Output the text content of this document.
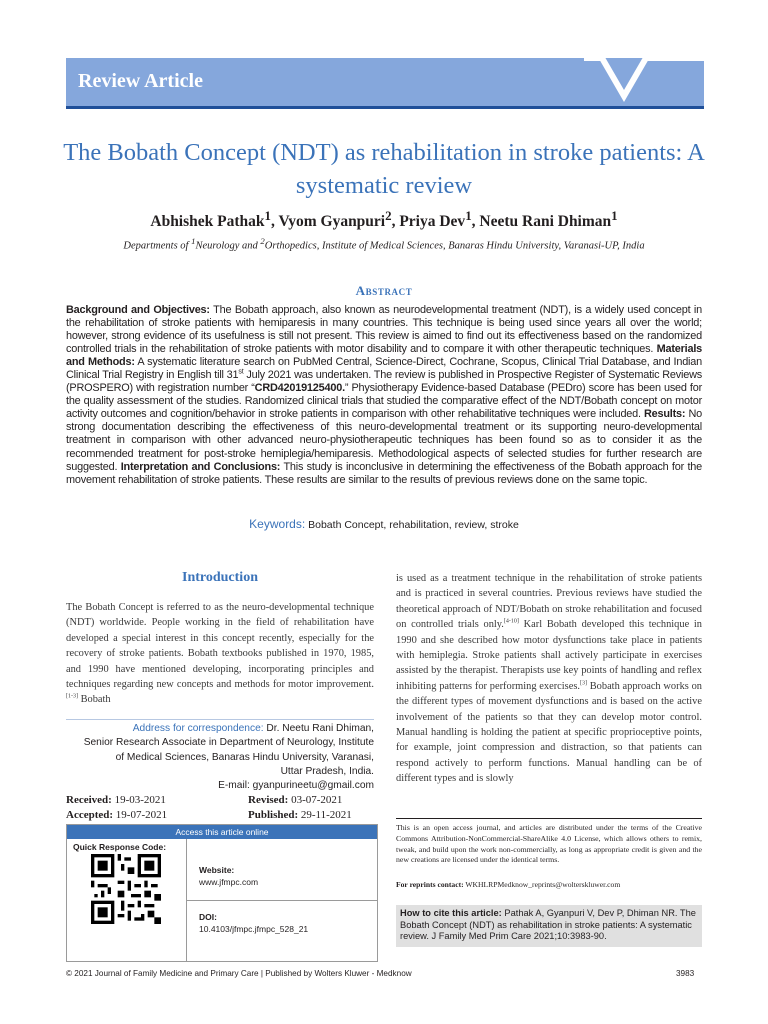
Review Article
The Bobath Concept (NDT) as rehabilitation in stroke patients: A systematic review
Abhishek Pathak$^1$, Vyom Gyanpuri$^2$, Priya Dev$^1$, Neetu Rani Dhiman$^1$
Departments of $^1$Neurology and $^2$Orthopedics, Institute of Medical Sciences, Banaras Hindu University, Varanasi-UP, India
Abstract
Background and Objectives: The Bobath approach, also known as neurodevelopmental treatment (NDT), is a widely used concept in the rehabilitation of stroke patients with hemiparesis in many countries. This technique is being used since years all over the world; however, strong evidence of its usefulness is still not present. This review is aimed to find out its effectiveness based on the randomized controlled trials in the rehabilitation of stroke patients with motor disability and to compare it with other therapeutic techniques. Materials and Methods: A systematic literature search on PubMed Central, Science-Direct, Cochrane, Scopus, Clinical Trial Database, and Indian Clinical Trial Registry in English till 31st July 2021 was undertaken. The review is published in Prospective Register of Systematic Reviews (PROSPERO) with registration number “CRD42019125400.” Physiotherapy Evidence-based Database (PEDro) score has been used for the quality assessment of the studies. Randomized clinical trials that studied the comparative effect of the NDT/Bobath concept on motor activity outcomes and cognition/behavior in stroke patients in comparison with other rehabilitative techniques were included. Results: No strong documentation describing the effectiveness of this neuro-developmental treatment or its supporting neuro-developmental treatment in comparison with other advanced neuro-physiotherapeutic techniques has been found so as to consider it as the recommended treatment for post-stroke hemiplegia/hemiparesis. Methodological aspects of selected studies for further research are suggested. Interpretation and Conclusions: This study is inconclusive in determining the effectiveness of the Bobath approach for the movement rehabilitation of stroke patients. These results are similar to the results of previous reviews done on the same topic.
Keywords: Bobath Concept, rehabilitation, review, stroke
Introduction
The Bobath Concept is referred to as the neuro-developmental technique (NDT) worldwide. People working in the field of rehabilitation have developed a special interest in this concept recently, especially for the recovery of stroke patients. Bobath textbooks published in 1970, 1985, and 1990 have mentioned developing, incorporating principles and techniques regarding new concepts and methods for motor improvement.[1-3] Bobath
is used as a treatment technique in the rehabilitation of stroke patients and is practiced in several countries. Previous reviews have studied the theoretical approach of NDT/Bobath on stroke rehabilitation and focused on controlled trials only.[4-10] Karl Bobath developed this technique in 1990 and she described how motor dysfunctions take place in patients with hemiplegia. Stroke patients shall actively participate in exercises assisted by the therapist. Therapists use key points of handling and reflex inhibiting patterns for performing exercises.[3] Bobath approach works on the different types of movement dysfunctions and is based on the active involvement of the patients so that they can develop motor control. Manual handling is holding the patient at specific proprioceptive points, for example, joint compression and distraction, so that patients can respond actively to perform functions. Manual handling can be of different types and is slowly
Address for correspondence: Dr. Neetu Rani Dhiman,
Senior Research Associate in Department of Neurology, Institute
of Medical Sciences, Banaras Hindu University, Varanasi,
Uttar Pradesh, India.
E-mail: gyanpurineetu@gmail.com
Received: 19-03-2021	Revised: 03-07-2021
Accepted: 19-07-2021	Published: 29-11-2021
Access this article online
Quick Response Code:
Website:
www.jfmpc.com
DOI:
10.4103/jfmpc.jfmpc_528_21
This is an open access journal, and articles are distributed under the terms of the Creative Commons Attribution-NonCommercial-ShareAlike 4.0 License, which allows others to remix, tweak, and build upon the work non-commercially, as long as appropriate credit is given and the new creations are licensed under the identical terms.
For reprints contact: WKHLRPMedknow_reprints@wolterskluwer.com
How to cite this article: Pathak A, Gyanpuri V, Dev P, Dhiman NR. The Bobath Concept (NDT) as rehabilitation in stroke patients: A systematic review. J Family Med Prim Care 2021;10:3983-90.
© 2021 Journal of Family Medicine and Primary Care | Published by Wolters Kluwer - Medknow	3983
